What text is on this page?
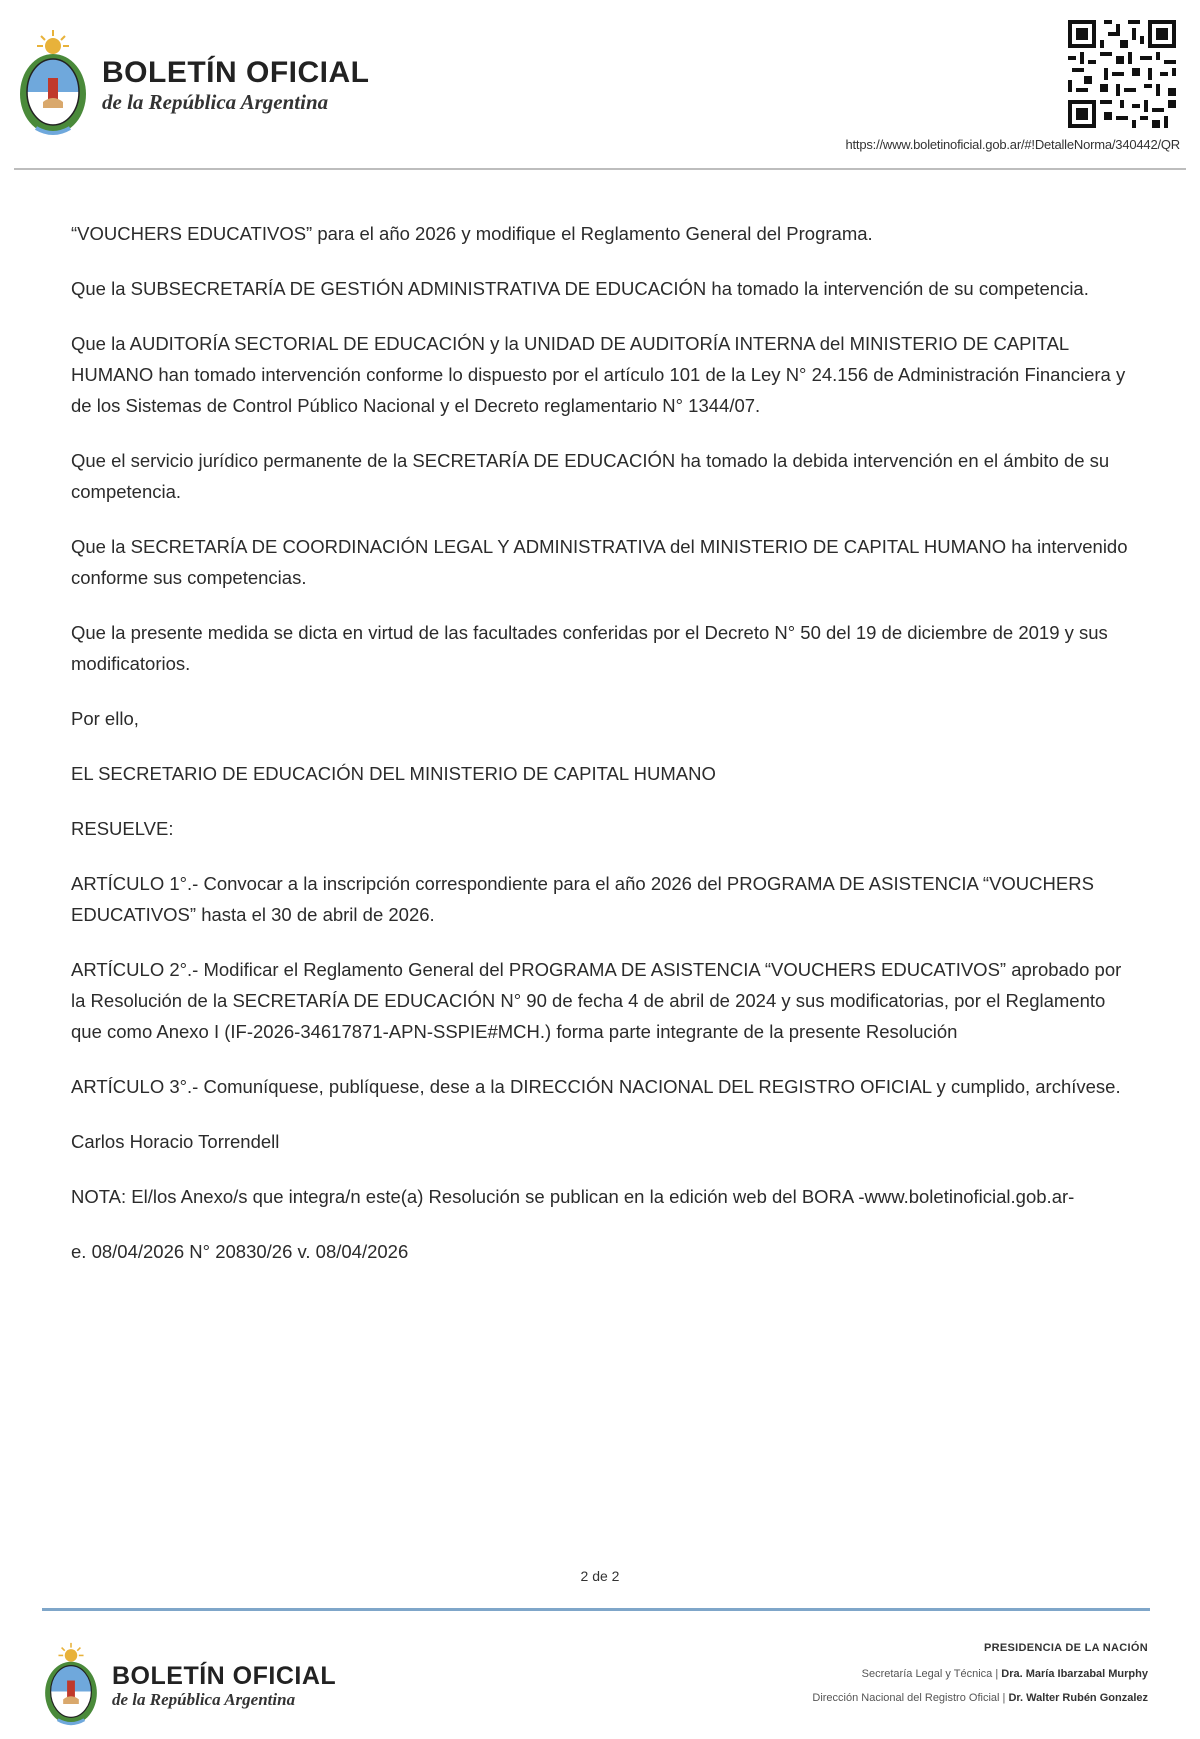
BOLETÍN OFICIAL
de la República Argentina
https://www.boletinoficial.gob.ar/#!DetalleNorma/340442/QR

“VOUCHERS EDUCATIVOS” para el año 2026 y modifique el Reglamento General del Programa.

Que la SUBSECRETARÍA DE GESTIÓN ADMINISTRATIVA DE EDUCACIÓN ha tomado la intervención de su competencia.

Que la AUDITORÍA SECTORIAL DE EDUCACIÓN y la UNIDAD DE AUDITORÍA INTERNA del MINISTERIO DE CAPITAL HUMANO han tomado intervención conforme lo dispuesto por el artículo 101 de la Ley N° 24.156 de Administración Financiera y de los Sistemas de Control Público Nacional y el Decreto reglamentario N° 1344/07.

Que el servicio jurídico permanente de la SECRETARÍA DE EDUCACIÓN ha tomado la debida intervención en el ámbito de su competencia.

Que la SECRETARÍA DE COORDINACIÓN LEGAL Y ADMINISTRATIVA del MINISTERIO DE CAPITAL HUMANO ha intervenido conforme sus competencias.

Que la presente medida se dicta en virtud de las facultades conferidas por el Decreto N° 50 del 19 de diciembre de 2019 y sus modificatorios.

Por ello,

EL SECRETARIO DE EDUCACIÓN DEL MINISTERIO DE CAPITAL HUMANO

RESUELVE:

ARTÍCULO 1°.- Convocar a la inscripción correspondiente para el año 2026 del PROGRAMA DE ASISTENCIA “VOUCHERS EDUCATIVOS” hasta el 30 de abril de 2026.

ARTÍCULO 2°.- Modificar el Reglamento General del PROGRAMA DE ASISTENCIA “VOUCHERS EDUCATIVOS” aprobado por la Resolución de la SECRETARÍA DE EDUCACIÓN N° 90 de fecha 4 de abril de 2024 y sus modificatorias, por el Reglamento que como Anexo I (IF-2026-34617871-APN-SSPIE#MCH.) forma parte integrante de la presente Resolución

ARTÍCULO 3°.- Comuníquese, publíquese, dese a la DIRECCIÓN NACIONAL DEL REGISTRO OFICIAL y cumplido, archívese.

Carlos Horacio Torrendell

NOTA: El/los Anexo/s que integra/n este(a) Resolución se publican en la edición web del BORA -www.boletinoficial.gob.ar-

e. 08/04/2026 N° 20830/26 v. 08/04/2026

2 de 2
BOLETÍN OFICIAL
de la República Argentina
PRESIDENCIA DE LA NACIÓN
Secretaría Legal y Técnica | Dra. María Ibarzabal Murphy
Dirección Nacional del Registro Oficial | Dr. Walter Rubén Gonzalez
